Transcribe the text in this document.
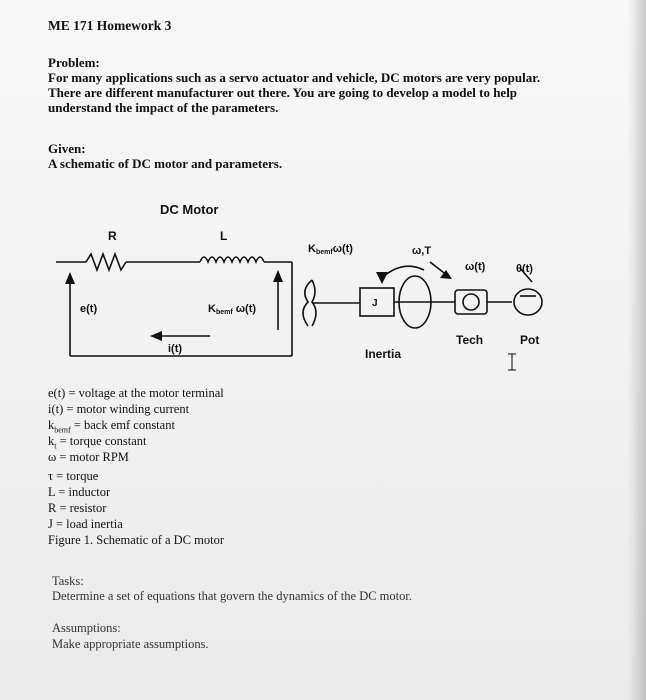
ME 171 Homework 3
Problem:
For many applications such as a servo actuator and vehicle, DC motors are very popular.
There are different manufacturer out there. You are going to develop a model to help
understand the impact of the parameters.
Given:
A schematic of DC motor and parameters.
DC Motor
R	L
e(t)
i(t)
Kbemf ω(t)
Kbemfω(t)	ω,T
J
ω(t)	θ(t)
Tech	Pot
Inertia
e(t) = voltage at the motor terminal
i(t) = motor winding current
$k_{bemf}$ = back emf constant
$k_t$ = torque constant
ω = motor RPM
τ = torque
L = inductor
R = resistor
J = load inertia
Figure 1. Schematic of a DC motor
Tasks:
Determine a set of equations that govern the dynamics of the DC motor.
Assumptions:
Make appropriate assumptions.
